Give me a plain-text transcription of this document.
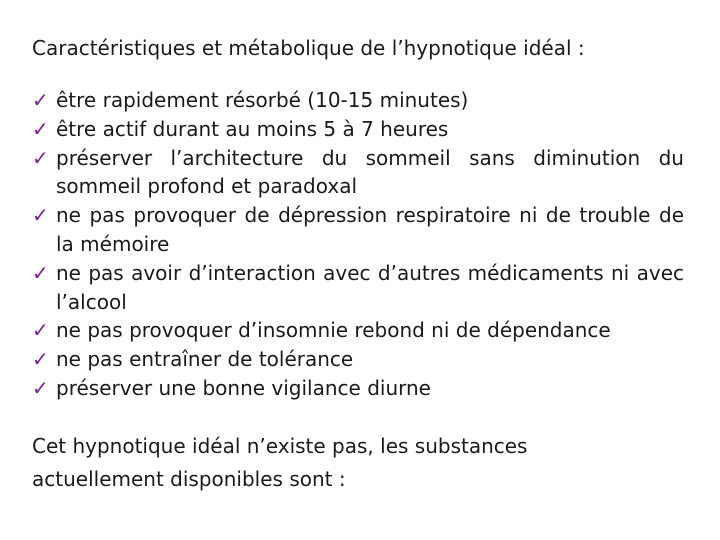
Caractéristiques et métabolique de l’hypnotique idéal :
✓ être rapidement résorbé (10-15 minutes)
✓ être actif durant au moins 5 à 7 heures
✓ préserver l’architecture du sommeil sans diminution du sommeil profond et paradoxal
✓ ne pas provoquer de dépression respiratoire ni de trouble de la mémoire
✓ ne pas avoir d’interaction avec d’autres médicaments ni avec l’alcool
✓ ne pas provoquer d’insomnie rebond ni de dépendance
✓ ne pas entraîner de tolérance
✓ préserver une bonne vigilance diurne
Cet hypnotique idéal n’existe pas, les substances actuellement disponibles sont :
